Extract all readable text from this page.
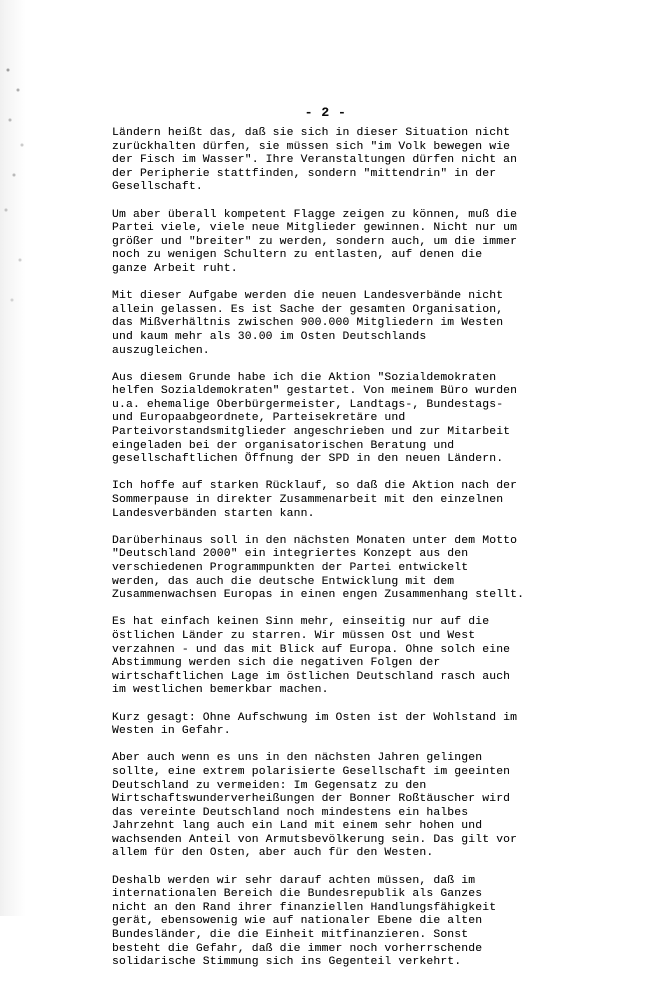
- 2 -
Ländern heißt das, daß sie sich in dieser Situation nicht
zurückhalten dürfen, sie müssen sich "im Volk bewegen wie
der Fisch im Wasser". Ihre Veranstaltungen dürfen nicht an
der Peripherie stattfinden, sondern "mittendrin" in der
Gesellschaft.
Um aber überall kompetent Flagge zeigen zu können, muß die
Partei viele, viele neue Mitglieder gewinnen. Nicht nur um
größer und "breiter" zu werden, sondern auch, um die immer
noch zu wenigen Schultern zu entlasten, auf denen die
ganze Arbeit ruht.
Mit dieser Aufgabe werden die neuen Landesverbände nicht
allein gelassen. Es ist Sache der gesamten Organisation,
das Mißverhältnis zwischen 900.000 Mitgliedern im Westen
und kaum mehr als 30.00 im Osten Deutschlands
auszugleichen.
Aus diesem Grunde habe ich die Aktion "Sozialdemokraten
helfen Sozialdemokraten" gestartet. Von meinem Büro wurden
u.a. ehemalige Oberbürgermeister, Landtags-, Bundestags-
und Europaabgeordnete, Parteisekretäre und
Parteivorstandsmitglieder angeschrieben und zur Mitarbeit
eingeladen bei der organisatorischen Beratung und
gesellschaftlichen Öffnung der SPD in den neuen Ländern.
Ich hoffe auf starken Rücklauf, so daß die Aktion nach der
Sommerpause in direkter Zusammenarbeit mit den einzelnen
Landesverbänden starten kann.
Darüberhinaus soll in den nächsten Monaten unter dem Motto
"Deutschland 2000" ein integriertes Konzept aus den
verschiedenen Programmpunkten der Partei entwickelt
werden, das auch die deutsche Entwicklung mit dem
Zusammenwachsen Europas in einen engen Zusammenhang stellt.
Es hat einfach keinen Sinn mehr, einseitig nur auf die
östlichen Länder zu starren. Wir müssen Ost und West
verzahnen - und das mit Blick auf Europa. Ohne solch eine
Abstimmung werden sich die negativen Folgen der
wirtschaftlichen Lage im östlichen Deutschland rasch auch
im westlichen bemerkbar machen.
Kurz gesagt: Ohne Aufschwung im Osten ist der Wohlstand im
Westen in Gefahr.
Aber auch wenn es uns in den nächsten Jahren gelingen
sollte, eine extrem polarisierte Gesellschaft im geeinten
Deutschland zu vermeiden: Im Gegensatz zu den
Wirtschaftswunderverheißungen der Bonner Roßtäuscher wird
das vereinte Deutschland noch mindestens ein halbes
Jahrzehnt lang auch ein Land mit einem sehr hohen und
wachsenden Anteil von Armutsbevölkerung sein. Das gilt vor
allem für den Osten, aber auch für den Westen.
Deshalb werden wir sehr darauf achten müssen, daß im
internationalen Bereich die Bundesrepublik als Ganzes
nicht an den Rand ihrer finanziellen Handlungsfähigkeit
gerät, ebensowenig wie auf nationaler Ebene die alten
Bundesländer, die die Einheit mitfinanzieren. Sonst
besteht die Gefahr, daß die immer noch vorherrschende
solidarische Stimmung sich ins Gegenteil verkehrt.
